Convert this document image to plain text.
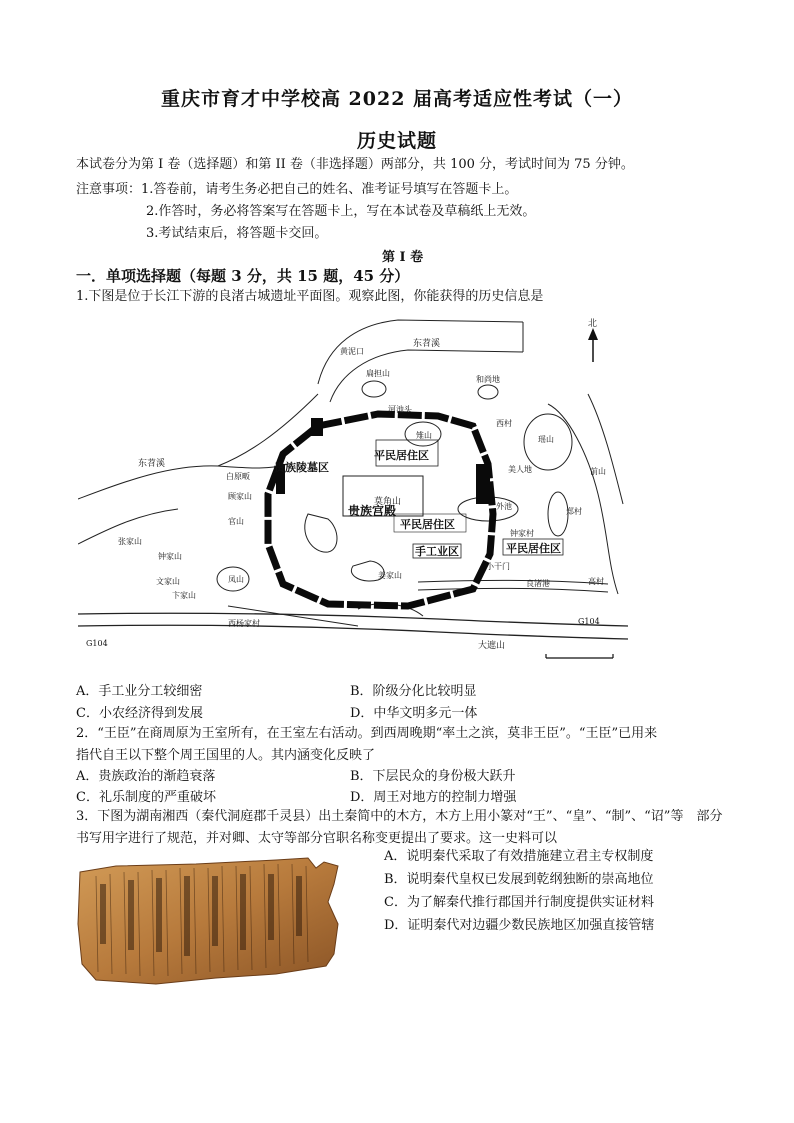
重庆市育才中学校高 2022 届高考适应性考试（一）
历史试题
本试卷分为第 I 卷（选择题）和第 II 卷（非选择题）两部分，共 100 分，考试时间为 75 分钟。
注意事项：1.答卷前，请考生务必把自己的姓名、准考证号填写在答题卡上。
2.作答时，务必将答案写在答题卡上，写在本试卷及草稿纸上无效。
3.考试结束后，将答题卡交回。
第 I 卷
一．单项选择题（每题 3 分，共 15 题，45 分）
1.下图是位于长江下游的良渚古城遗址平面图。观察此图，你能获得的历史信息是
北
东苕溪
东苕溪
黄泥口
扁担山
和尚地
河池头
雉山
西村
瑶山
平民居住区
贵族陵墓区
白原畈
莫角山
贵族宫殿
平民居住区
手工业区	平民居住区
美人地
钟家村
外池
张家山
钟家山
文家山
卞家山
凤山	姜家山
良渚港
小干门
G104
G104
西杨家村
大遮山
官山
顾家山
郑村
高村
前山
A．手工业分工较细密	B．阶级分化比较明显
C．小农经济得到发展	D．中华文明多元一体
2．“王臣”在商周原为王室所有，在王室左右活动。到西周晚期“率土之滨，莫非王臣”。“王臣”已用来
指代自王以下整个周王国里的人。其内涵变化反映了
A．贵族政治的渐趋衰落	B．下层民众的身份极大跃升
C．礼乐制度的严重破坏	D．周王对地方的控制力增强
3．下图为湖南湘西（秦代洞庭郡千灵县）出土秦简中的木方，木方上用小篆对“王”、“皇”、“制”、“诏”等　部分
书写用字进行了规范，并对卿、太守等部分官职名称变更提出了要求。这一史料可以
A．说明秦代采取了有效措施建立君主专权制度
B．说明秦代皇权已发展到乾纲独断的崇高地位
C．为了解秦代推行郡国并行制度提供实证材料
D．证明秦代对边疆少数民族地区加强直接管辖
